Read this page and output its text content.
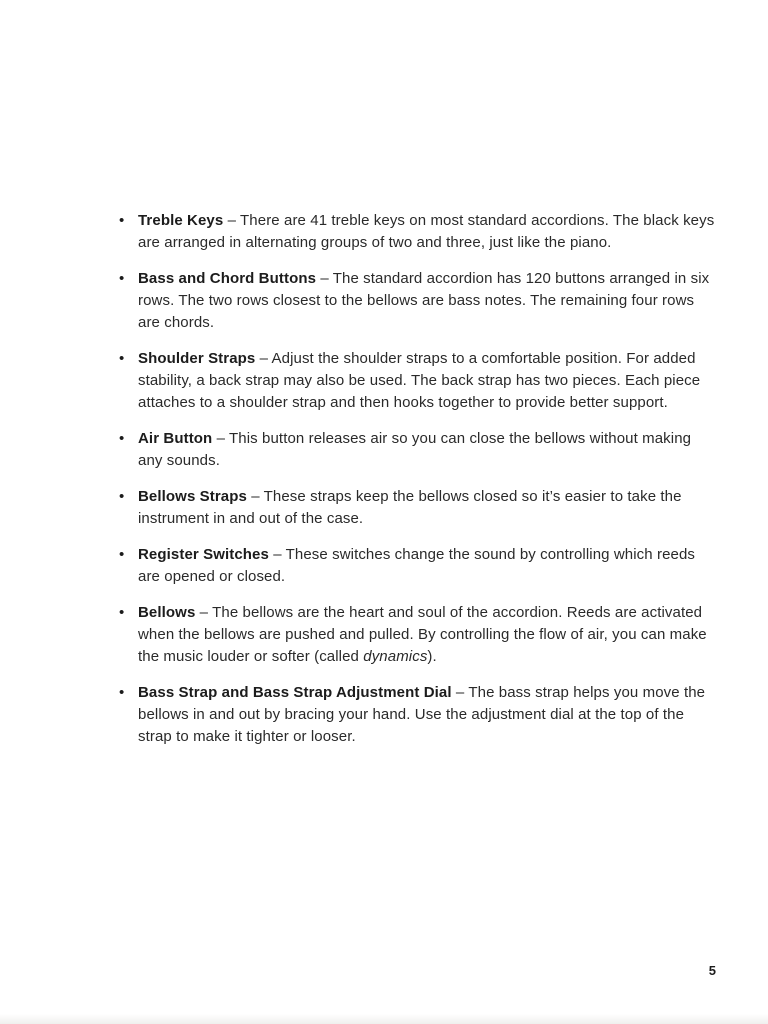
• Treble Keys – There are 41 treble keys on most standard accordions. The black keys are arranged in alternating groups of two and three, just like the piano.
• Bass and Chord Buttons – The standard accordion has 120 buttons arranged in six rows. The two rows closest to the bellows are bass notes. The remaining four rows are chords.
• Shoulder Straps – Adjust the shoulder straps to a comfortable position. For added stability, a back strap may also be used. The back strap has two pieces. Each piece attaches to a shoulder strap and then hooks together to provide better support.
• Air Button – This button releases air so you can close the bellows without making any sounds.
• Bellows Straps – These straps keep the bellows closed so it’s easier to take the instrument in and out of the case.
• Register Switches – These switches change the sound by controlling which reeds are opened or closed.
• Bellows – The bellows are the heart and soul of the accordion. Reeds are activated when the bellows are pushed and pulled. By controlling the flow of air, you can make the music louder or softer (called dynamics).
• Bass Strap and Bass Strap Adjustment Dial – The bass strap helps you move the bellows in and out by bracing your hand. Use the adjustment dial at the top of the strap to make it tighter or looser.
5
